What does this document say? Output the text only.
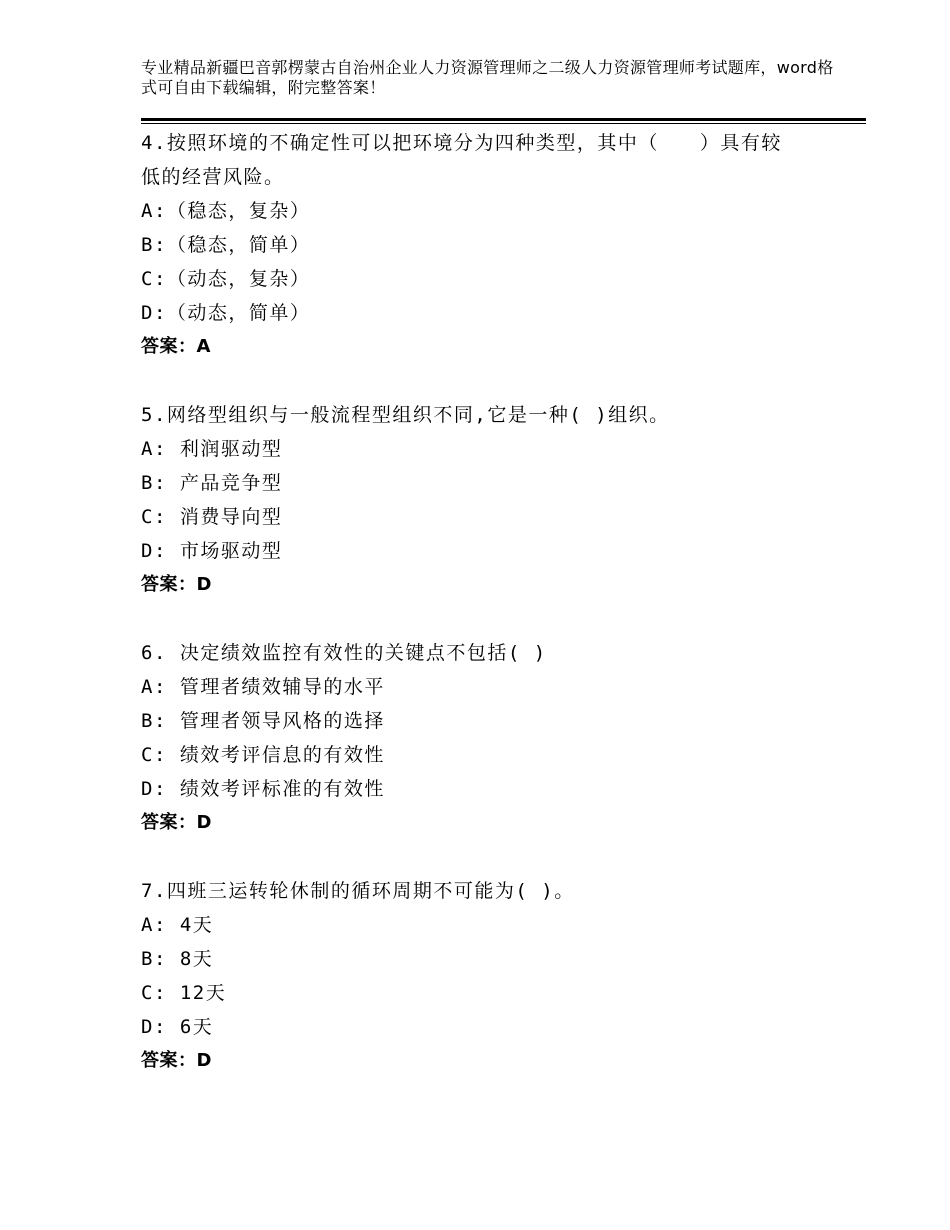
专业精品新疆巴音郭楞蒙古自治州企业人力资源管理师之二级人力资源管理师考试题库，word格式可自由下载编辑，附完整答案！
4.按照环境的不确定性可以把环境分为四种类型，其中（　　）具有较低的经营风险。
A:（稳态，复杂）
B:（稳态，简单）
C:（动态，复杂）
D:（动态，简单）
答案：A
5.网络型组织与一般流程型组织不同,它是一种( )组织。
A: 利润驱动型
B: 产品竞争型
C: 消费导向型
D: 市场驱动型
答案：D
6. 决定绩效监控有效性的关键点不包括( )
A: 管理者绩效辅导的水平
B: 管理者领导风格的选择
C: 绩效考评信息的有效性
D: 绩效考评标准的有效性
答案：D
7.四班三运转轮休制的循环周期不可能为( )。
A: 4天
B: 8天
C: 12天
D: 6天
答案：D
